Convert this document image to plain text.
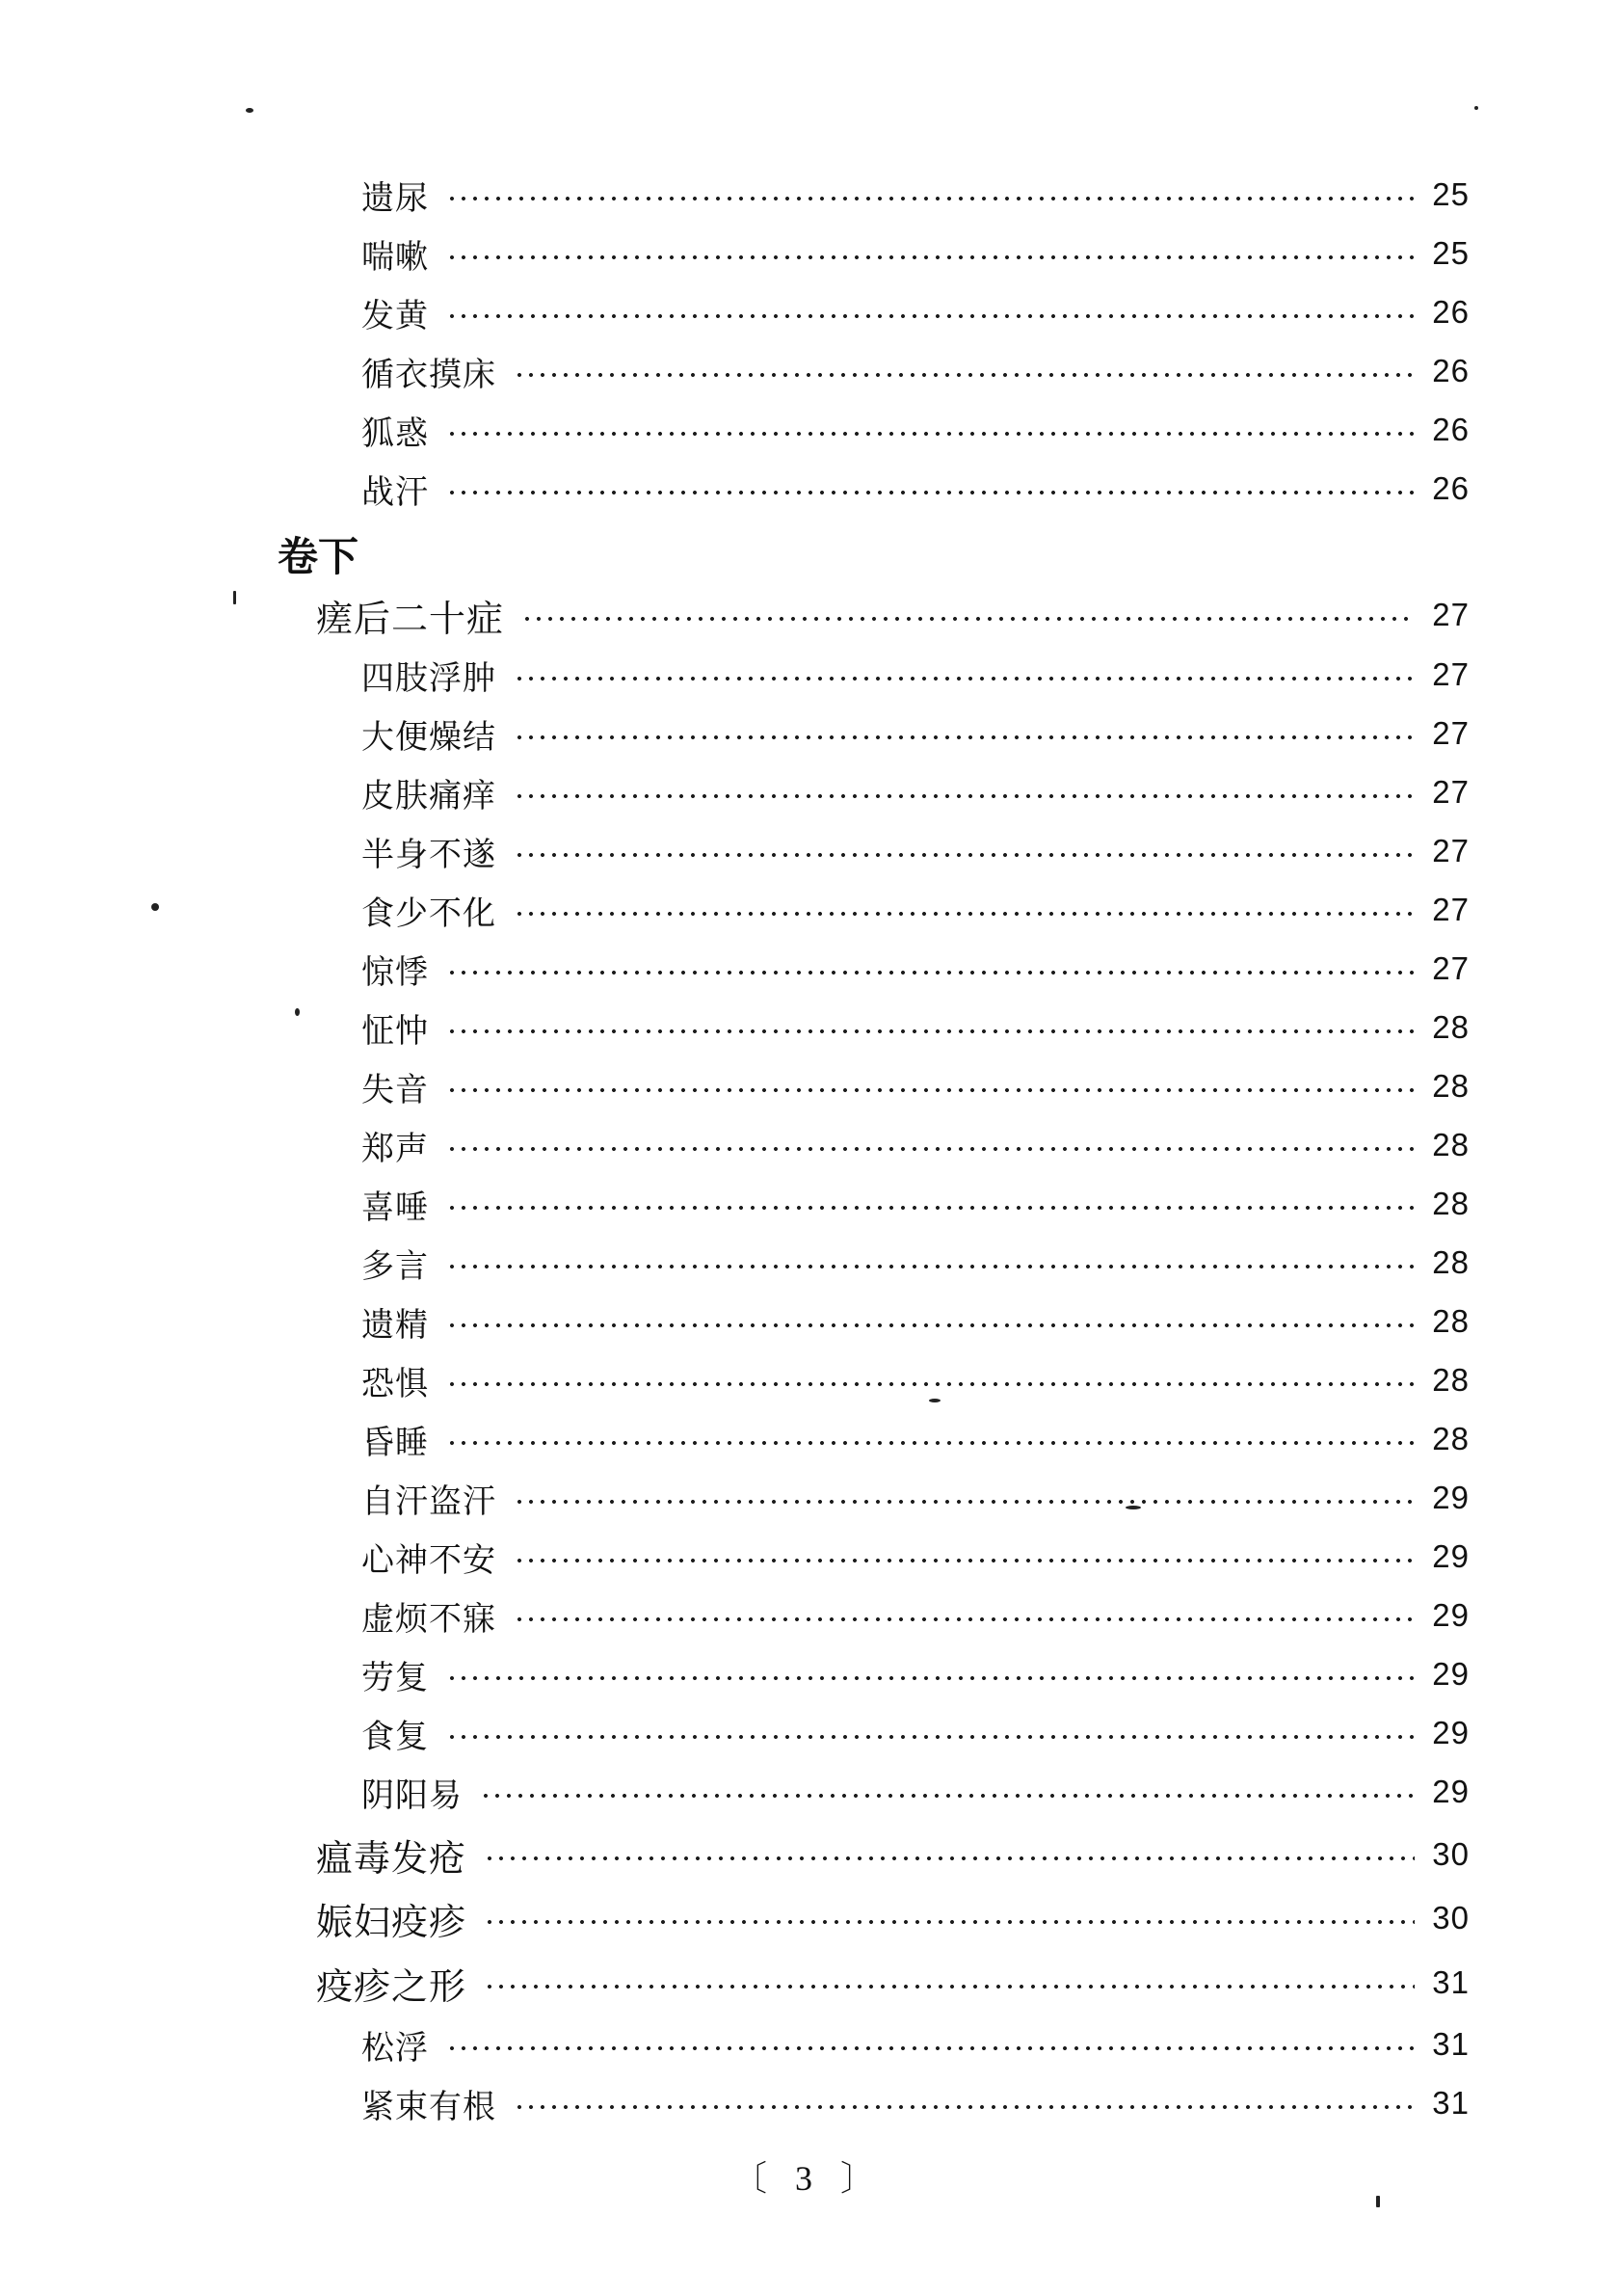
遗尿	25
喘嗽	25
发黄	26
循衣摸床	26
狐惑	26
战汗	26
卷下
瘥后二十症	27
四肢浮肿	27
大便燥结	27
皮肤痛痒	27
半身不遂	27
食少不化	27
惊悸	27
怔忡	28
失音	28
郑声	28
喜唾	28
多言	28
遗精	28
恐惧	28
昏睡	28
自汗盗汗	29
心神不安	29
虚烦不寐	29
劳复	29
食复	29
阴阳易	29
瘟毒发疮	30
娠妇疫疹	30
疫疹之形	31
松浮	31
紧束有根	31
〔 3 〕
